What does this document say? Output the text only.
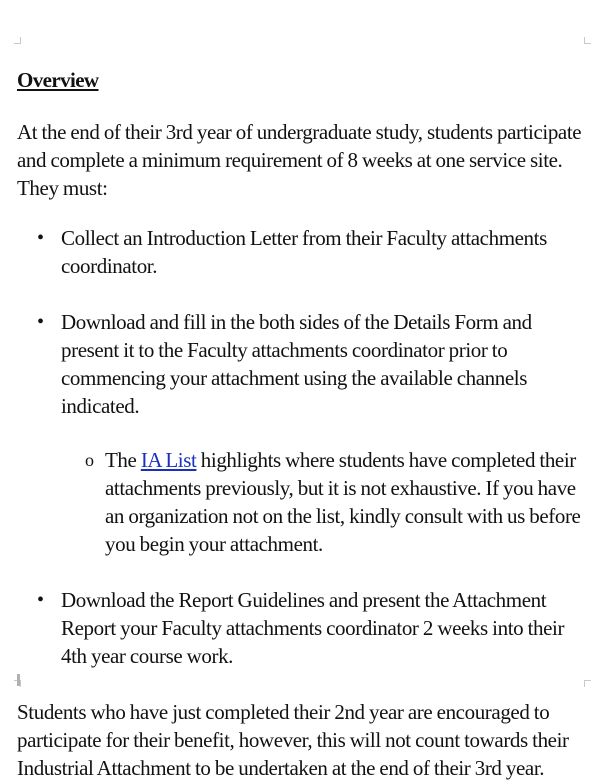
Overview

At the end of their 3rd year of undergraduate study, students participate and complete a minimum requirement of 8 weeks at one service site. They must:

• Collect an Introduction Letter from their Faculty attachments coordinator.
• Download and fill in the both sides of the Details Form and present it to the Faculty attachments coordinator prior to commencing your attachment using the available channels indicated.
o The IA List highlights where students have completed their attachments previously, but it is not exhaustive. If you have an organization not on the list, kindly consult with us before you begin your attachment.
• Download the Report Guidelines and present the Attachment Report your Faculty attachments coordinator 2 weeks into their 4th year course work.

Students who have just completed their 2nd year are encouraged to participate for their benefit, however, this will not count towards their Industrial Attachment to be undertaken at the end of their 3rd year.
